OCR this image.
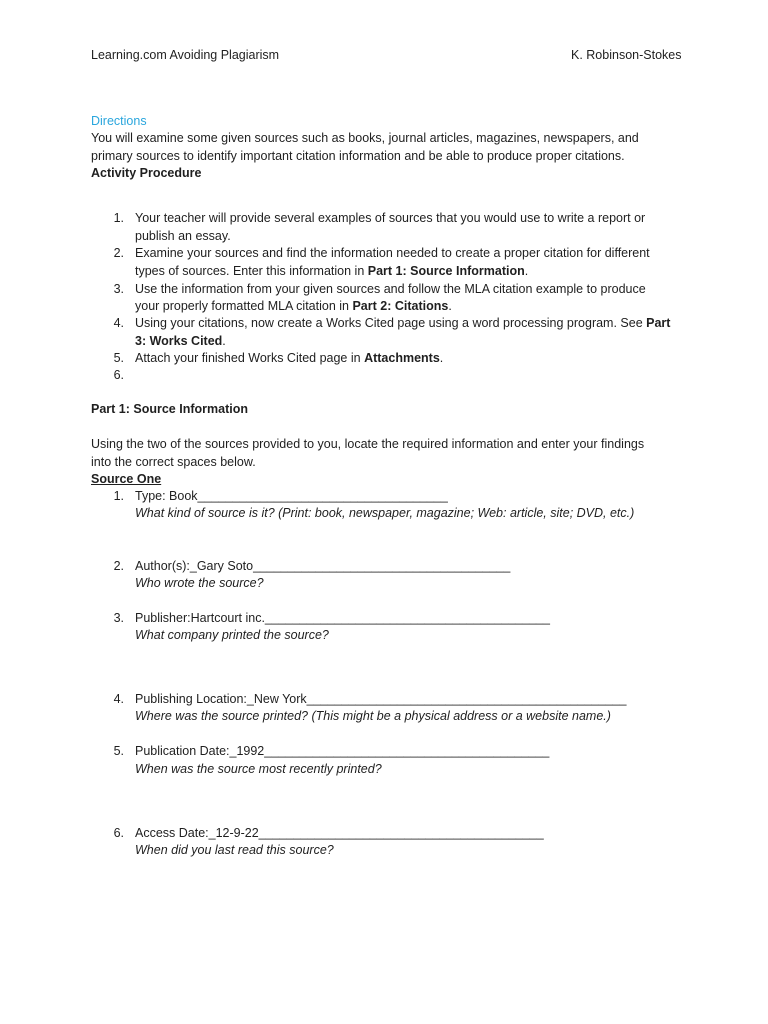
Learning.com Avoiding Plagiarism	K. Robinson-Stokes
Directions
You will examine some given sources such as books, journal articles, magazines, newspapers, and
primary sources to identify important citation information and be able to produce proper citations.
Activity Procedure
1. Your teacher will provide several examples of sources that you would use to write a report or
publish an essay.
2. Examine your sources and find the information needed to create a proper citation for different
types of sources. Enter this information in Part 1: Source Information.
3. Use the information from your given sources and follow the MLA citation example to produce
your properly formatted MLA citation in Part 2: Citations.
4. Using your citations, now create a Works Cited page using a word processing program. See Part
3: Works Cited.
5. Attach your finished Works Cited page in Attachments.
6.
Part 1: Source Information
Using the two of the sources provided to you, locate the required information and enter your findings
into the correct spaces below.
Source One
1. Type: Book____________________________________
What kind of source is it? (Print: book, newspaper, magazine; Web: article, site; DVD, etc.)
2. Author(s):_Gary Soto_____________________________________
Who wrote the source?
3. Publisher:Hartcourt inc._________________________________________
What company printed the source?
4. Publishing Location:_New York______________________________________________
Where was the source printed? (This might be a physical address or a website name.)
5. Publication Date:_1992_________________________________________
When was the source most recently printed?
6. Access Date:_12-9-22_________________________________________
When did you last read this source?
